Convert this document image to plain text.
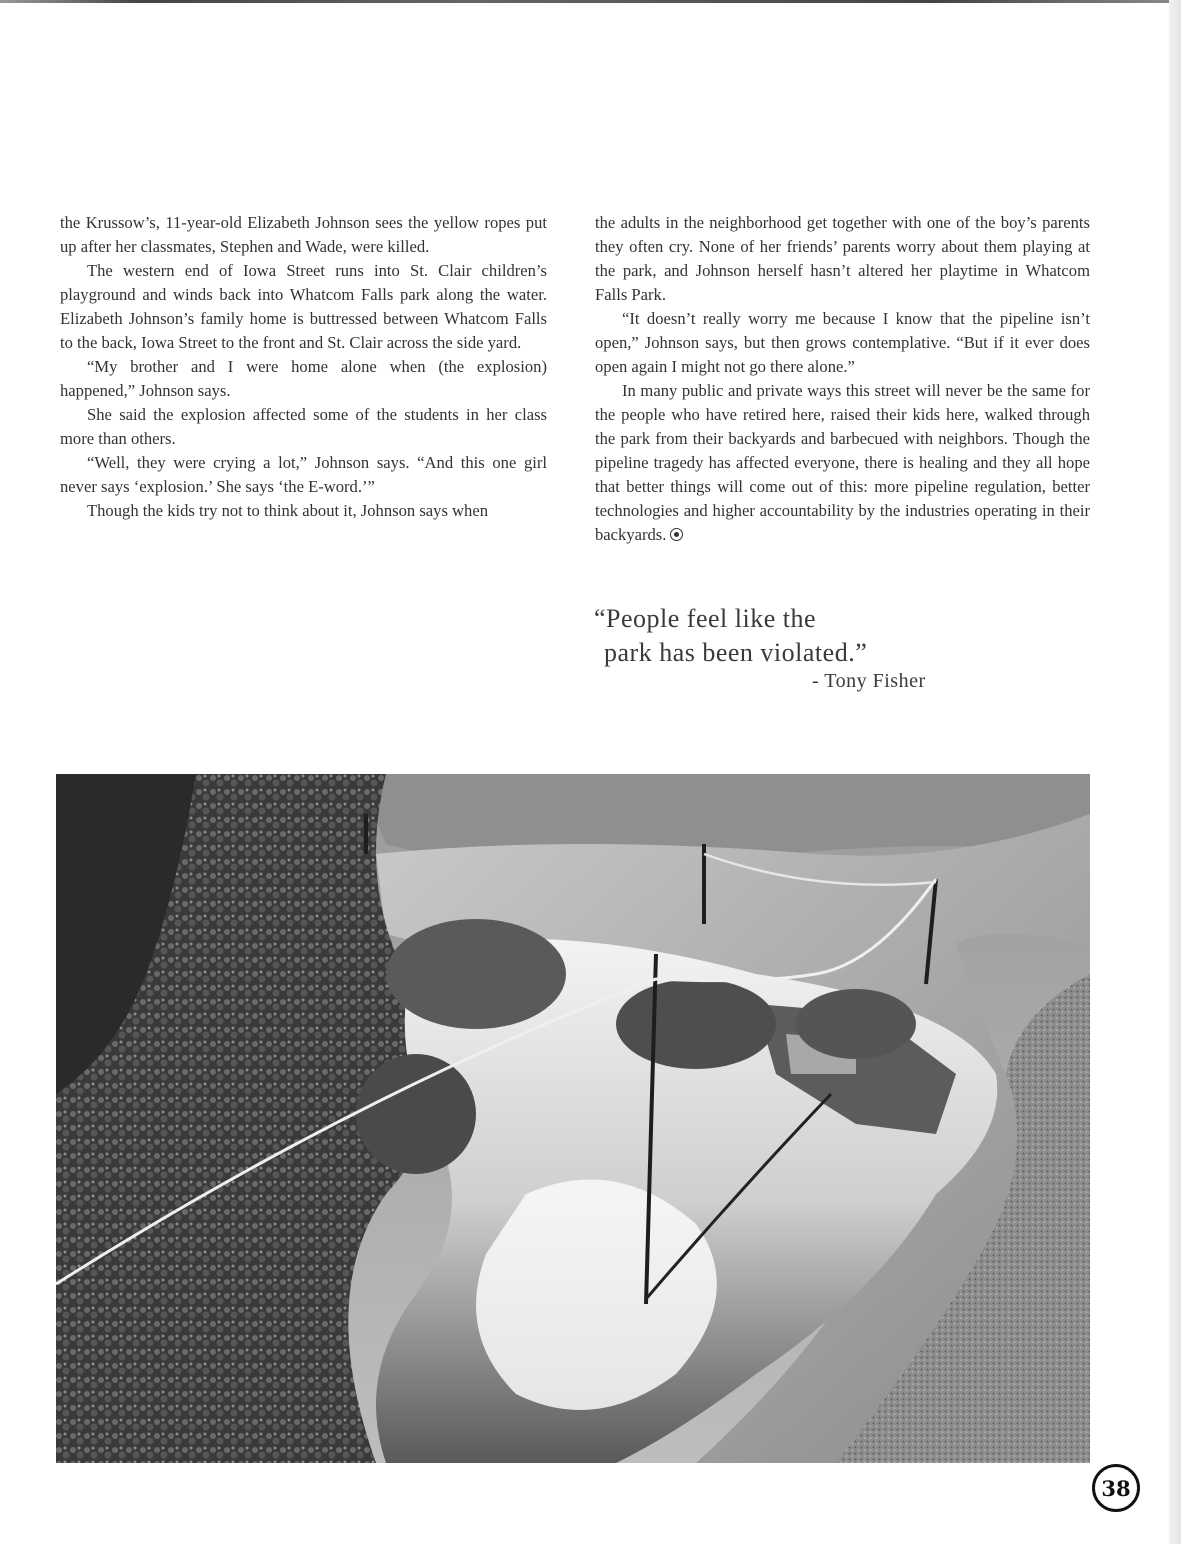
the Krussow’s, 11-year-old Elizabeth Johnson sees the yellow ropes put up after her classmates, Stephen and Wade, were killed.

The western end of Iowa Street runs into St. Clair children’s playground and winds back into Whatcom Falls park along the water. Elizabeth Johnson’s family home is buttressed between Whatcom Falls to the back, Iowa Street to the front and St. Clair across the side yard.

“My brother and I were home alone when (the explosion) happened,” Johnson says.

She said the explosion affected some of the students in her class more than others.

“Well, they were crying a lot,” Johnson says. “And this one girl never says ‘explosion.’ She says ‘the E-word.’”

Though the kids try not to think about it, Johnson says when

the adults in the neighborhood get together with one of the boy’s parents they often cry. None of her friends’ parents worry about them playing at the park, and Johnson herself hasn’t altered her playtime in Whatcom Falls Park.

“It doesn’t really worry me because I know that the pipeline isn’t open,” Johnson says, but then grows contemplative. “But if it ever does open again I might not go there alone.”

In many public and private ways this street will never be the same for the people who have retired here, raised their kids here, walked through the park from their backyards and barbecued with neighbors. Though the pipeline tragedy has affected everyone, there is healing and they all hope that better things will come out of this: more pipeline regulation, better technologies and higher accountability by the industries operating in their backyards.

“People feel like the
park has been violated.”
- Tony Fisher
38
